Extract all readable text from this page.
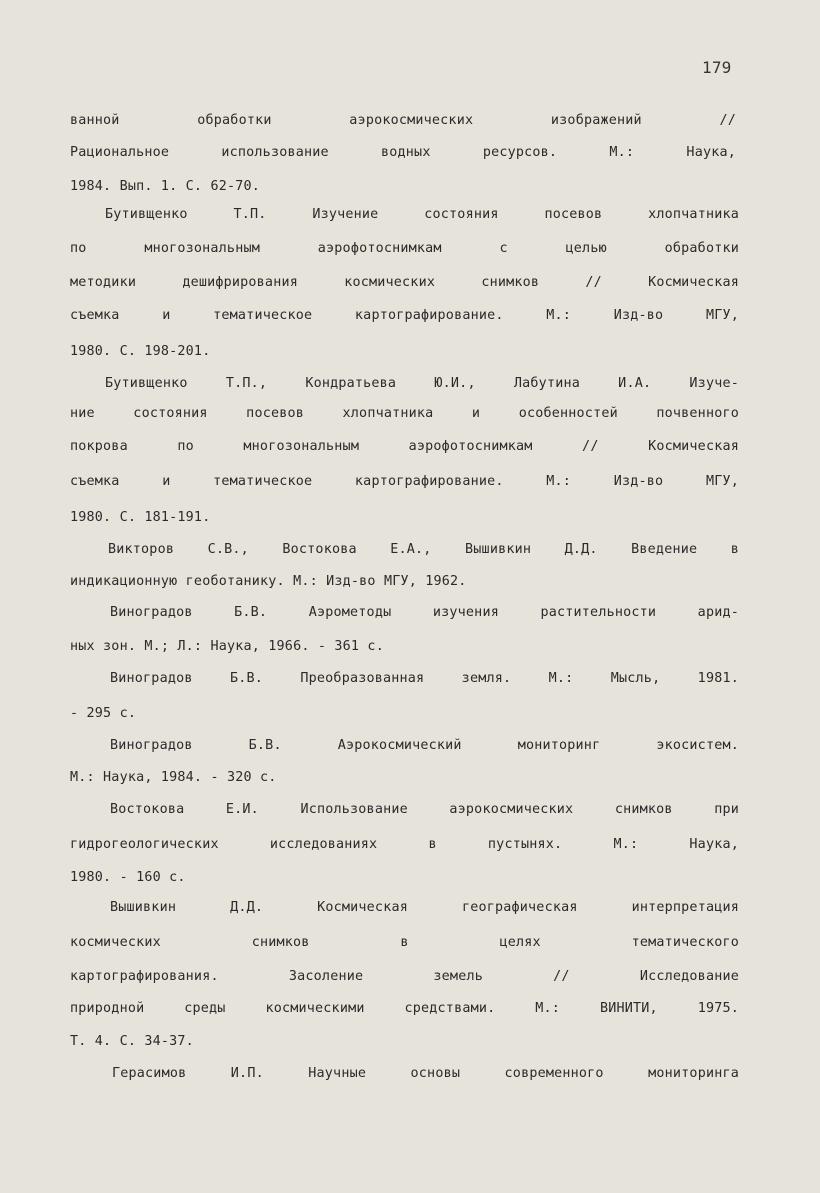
179
ванной обработки аэрокосмических изображений //
Рациональное использование водных ресурсов. М.: Наука,
1984. Вып. 1. С. 62-70.
Бутивщенко Т.П. Изучение состояния посевов хлопчатника
по многозональным аэрофотоснимкам с целью обработки
методики дешифрирования космических снимков // Космическая
съемка и тематическое картографирование. М.: Изд-во МГУ,
1980. С. 198-201.
Бутивщенко Т.П., Кондратьева Ю.И., Лабутина И.А. Изуче-
ние состояния посевов хлопчатника и особенностей почвенного
покрова по многозональным аэрофотоснимкам // Космическая
съемка и тематическое картографирование. М.: Изд-во МГУ,
1980. С. 181-191.
Викторов С.В., Востокова Е.А., Вышивкин Д.Д. Введение в
индикационную геоботанику. М.: Изд-во МГУ, 1962.
Виноградов Б.В. Аэрометоды изучения растительности арид-
ных зон. М.; Л.: Наука, 1966. - 361 с.
Виноградов Б.В. Преобразованная земля. М.: Мысль, 1981.
- 295 с.
Виноградов Б.В. Аэрокосмический мониторинг экосистем.
М.: Наука, 1984. - 320 с.
Востокова Е.И. Использование аэрокосмических снимков при
гидрогеологических исследованиях в пустынях. М.: Наука,
1980. - 160 с.
Вышивкин Д.Д. Космическая географическая интерпретация
космических снимков в целях тематического
картографирования. Засоление земель // Исследование
природной среды космическими средствами. М.: ВИНИТИ, 1975.
Т. 4. С. 34-37.
Герасимов И.П. Научные основы современного мониторинга
